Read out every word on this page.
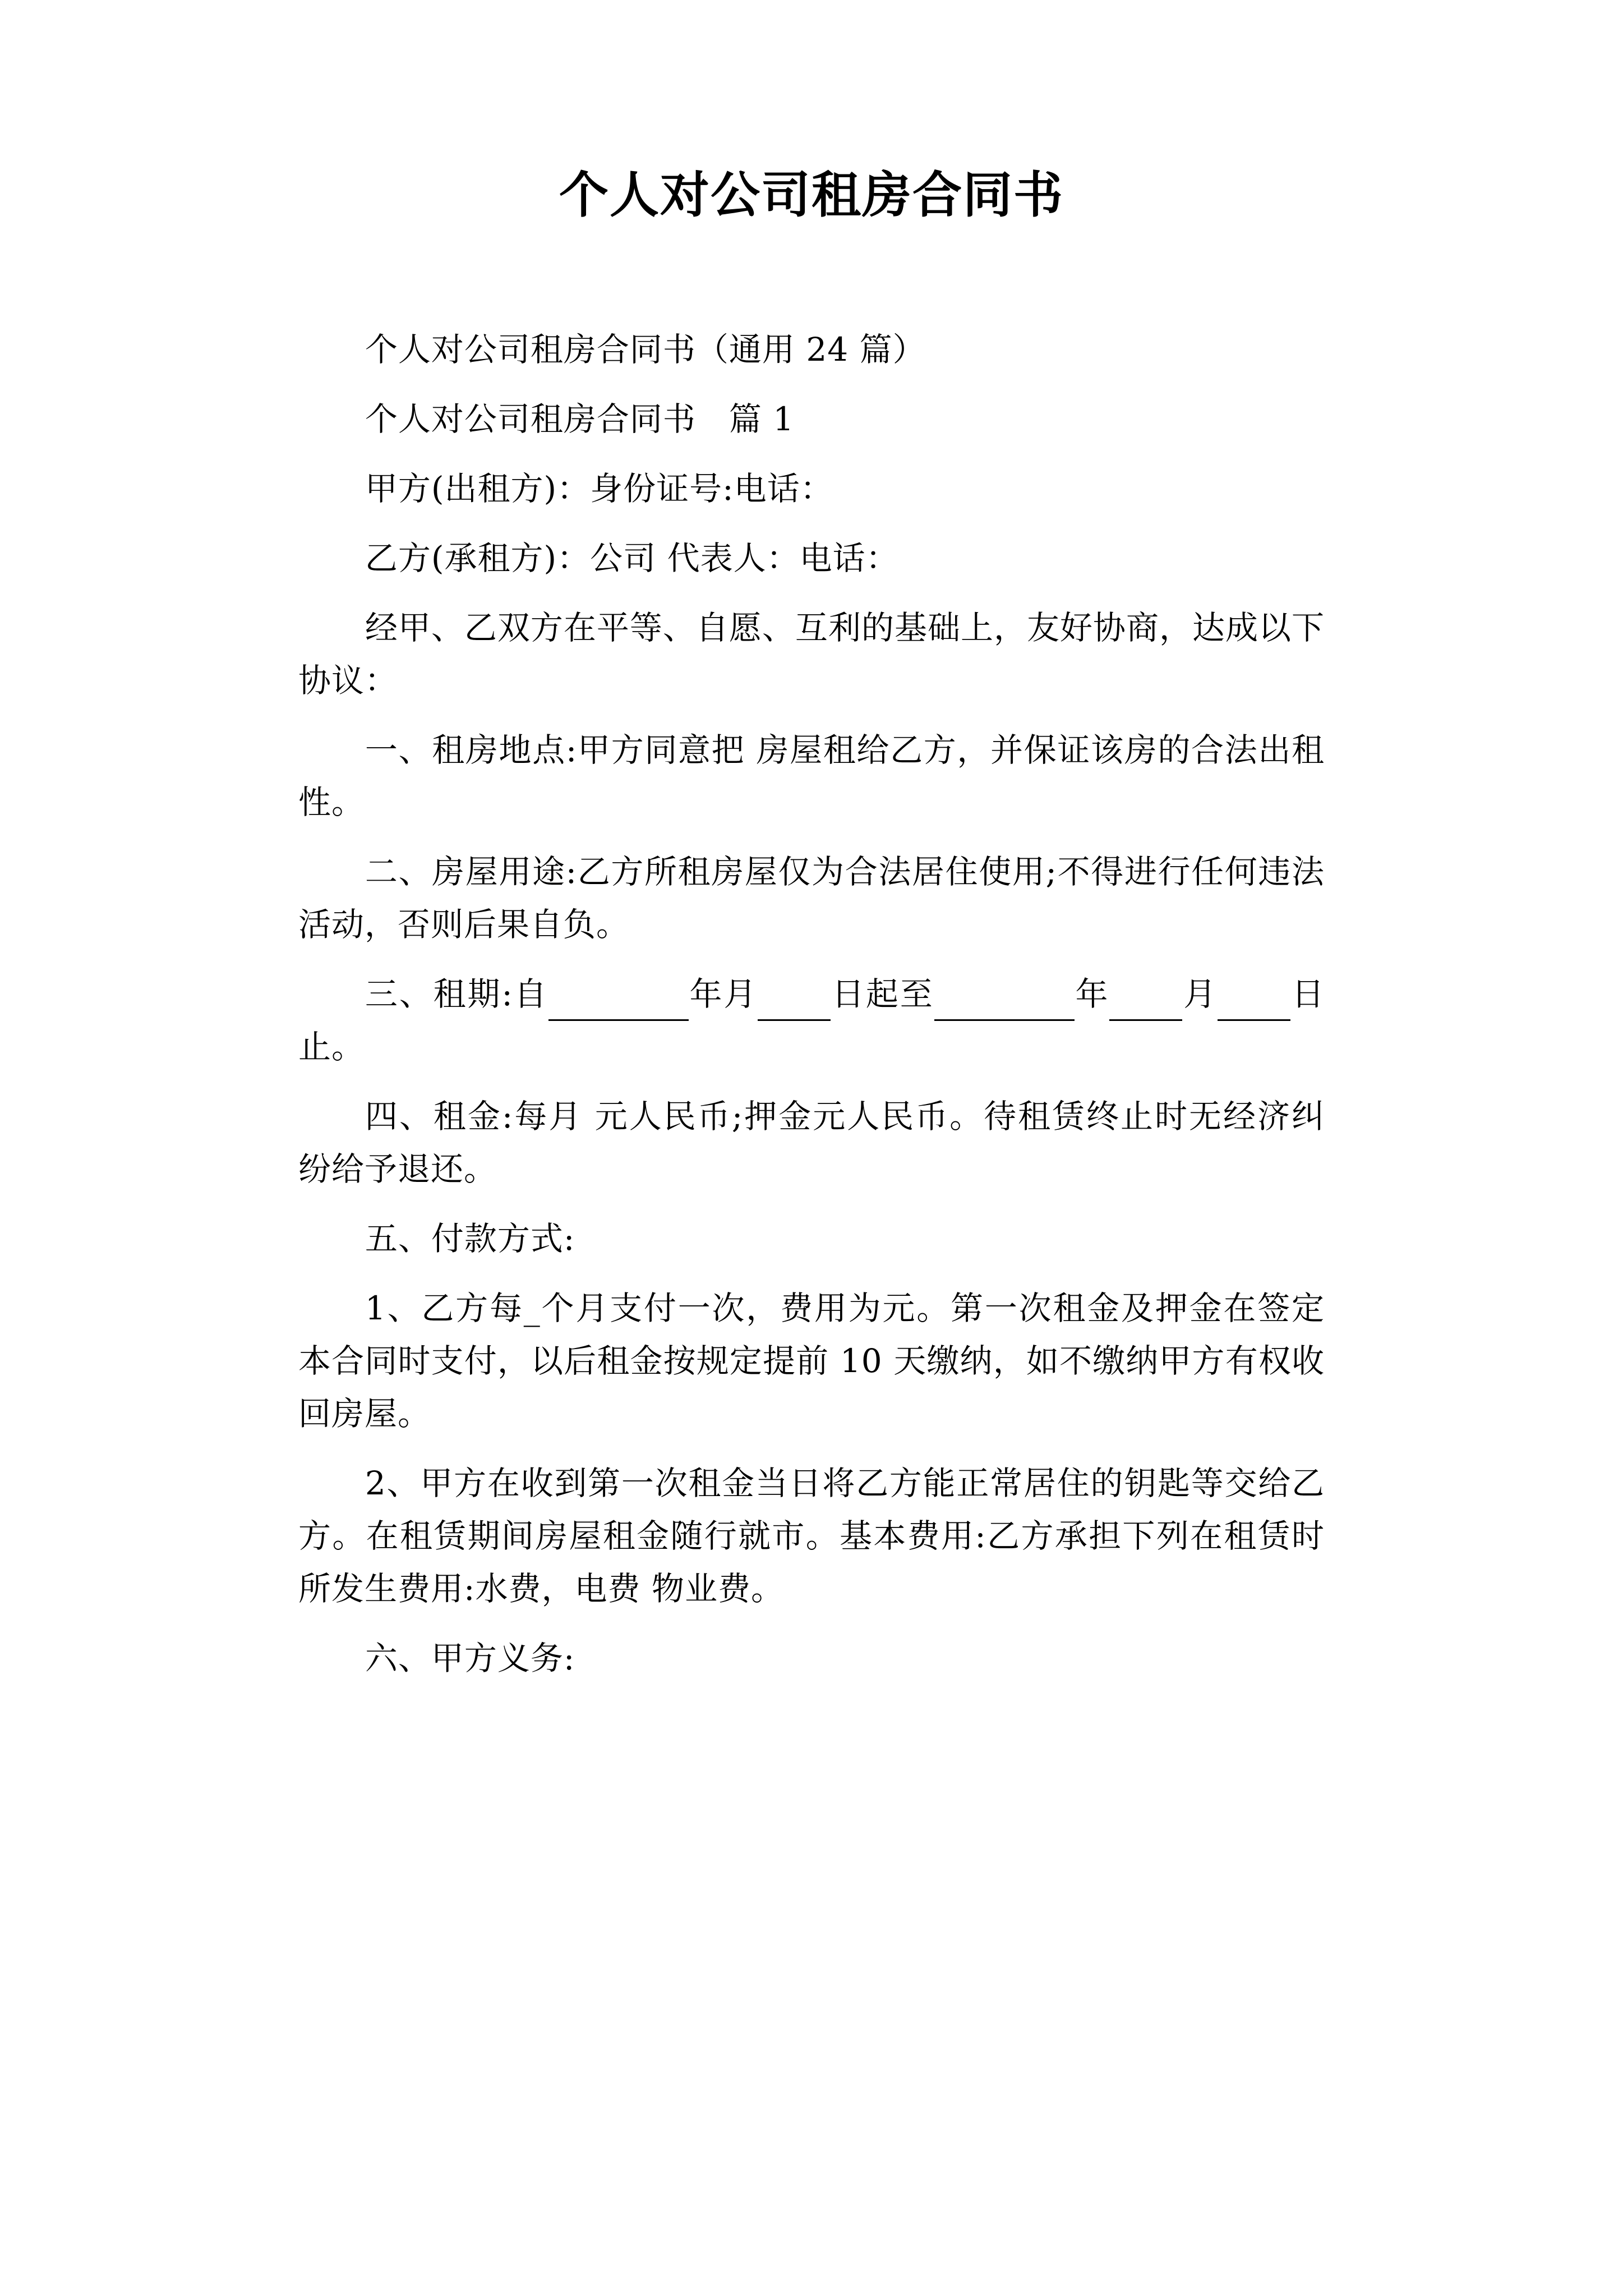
个人对公司租房合同书

个人对公司租房合同书（通用 24 篇）

个人对公司租房合同书　篇 1

甲方(出租方)：身份证号:电话：

乙方(承租方)：公司 代表人：电话：

经甲、乙双方在平等、自愿、互利的基础上，友好协商，达成以下协议：

一、租房地点:甲方同意把 房屋租给乙方，并保证该房的合法出租性。

二、房屋用途:乙方所租房屋仅为合法居住使用;不得进行任何违法活动，否则后果自负。

三、租期:自	年月 日起至	年 月 日止。

四、租金:每月 元人民币;押金元人民币。待租赁终止时无经济纠纷给予退还。

五、付款方式:

1、乙方每_个月支付一次，费用为元。第一次租金及押金在签定本合同时支付，以后租金按规定提前 10 天缴纳，如不缴纳甲方有权收回房屋。

2、甲方在收到第一次租金当日将乙方能正常居住的钥匙等交给乙方。在租赁期间房屋租金随行就市。基本费用:乙方承担下列在租赁时所发生费用:水费，电费 物业费。

六、甲方义务:
